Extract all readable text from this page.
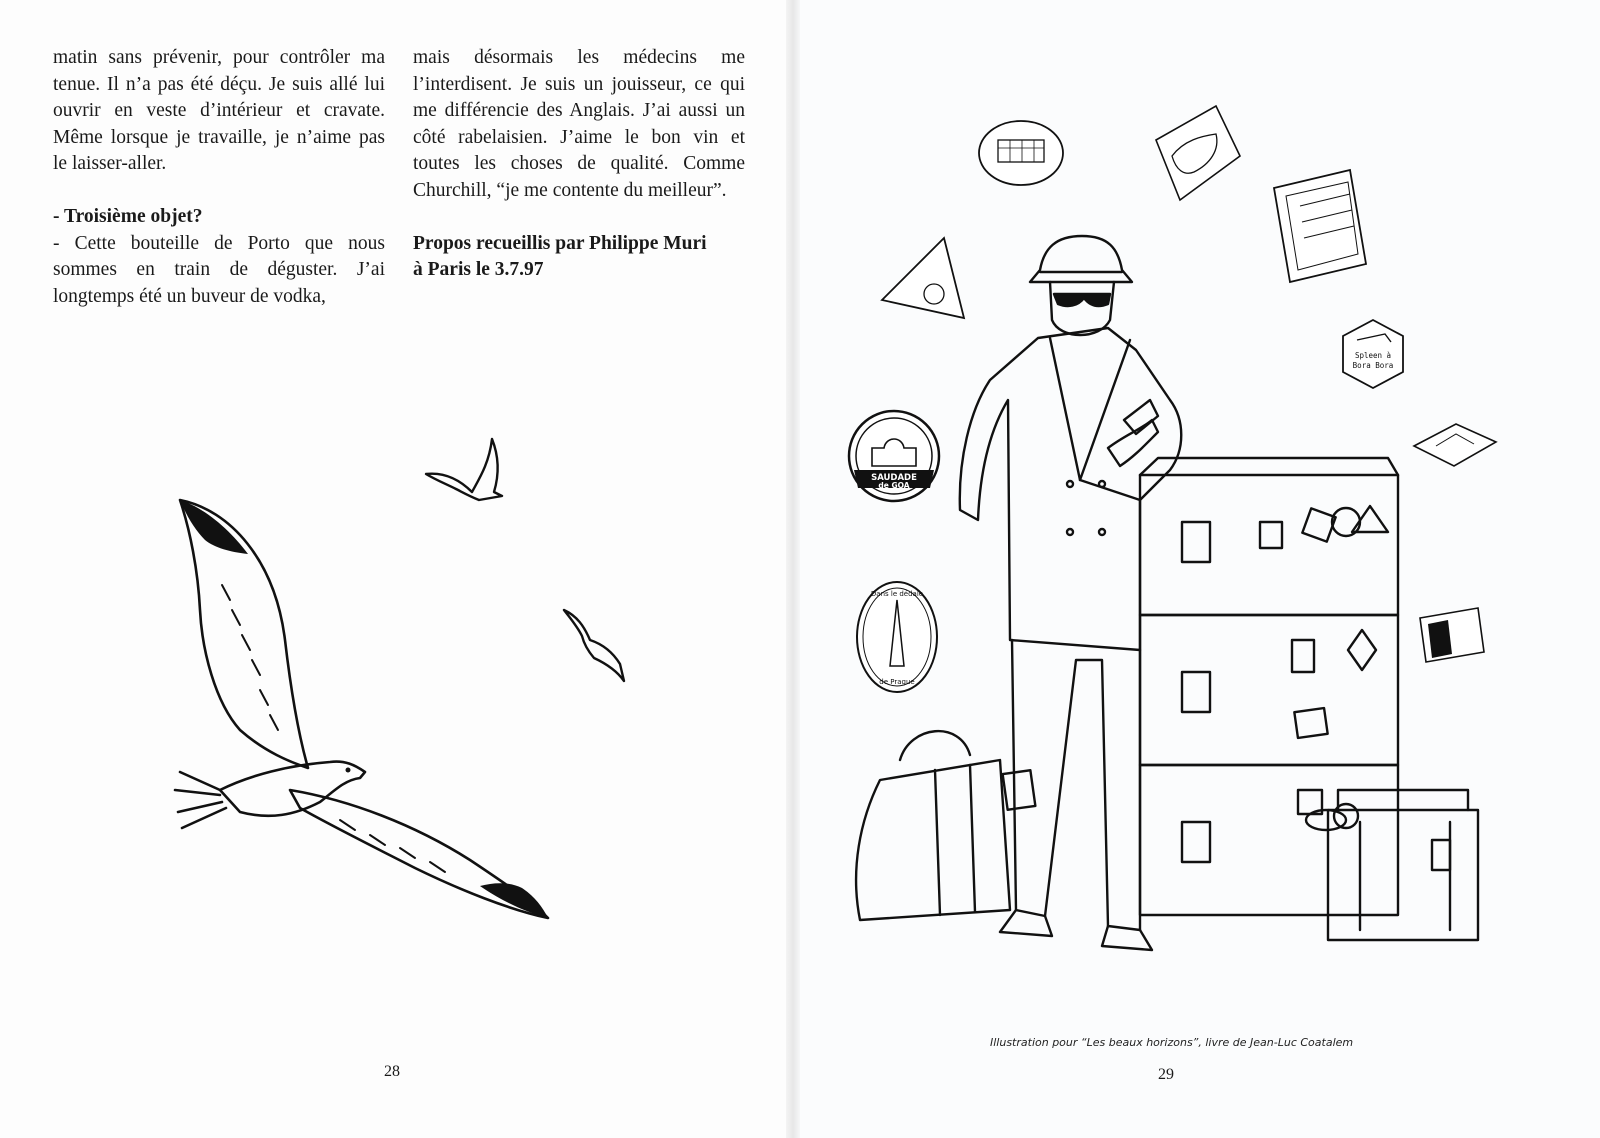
matin sans prévenir, pour contrôler ma tenue. Il n’a pas été déçu. Je suis allé lui ouvrir en veste d’intérieur et cravate. Même lorsque je travaille, je n’aime pas le laisser-aller.

- Troisième objet?

- Cette bouteille de Porto que nous sommes en train de déguster. J’ai longtemps été un buveur de vodka,

mais désormais les médecins me l’interdisent. Je suis un jouisseur, ce qui me différencie des Anglais. J’ai aussi un côté rabelaisien. J’aime le bon vin et toutes les choses de qualité. Comme Churchill, “je me contente du meilleur”.

Propos recueillis par Philippe Muri
à Paris le 3.7.97

28
SAUDADE
de GOA
Dans le dédale
de Prague
Spleen à
Bora Bora
Illustration pour “Les beaux horizons”, livre de Jean-Luc Coatalem
29
